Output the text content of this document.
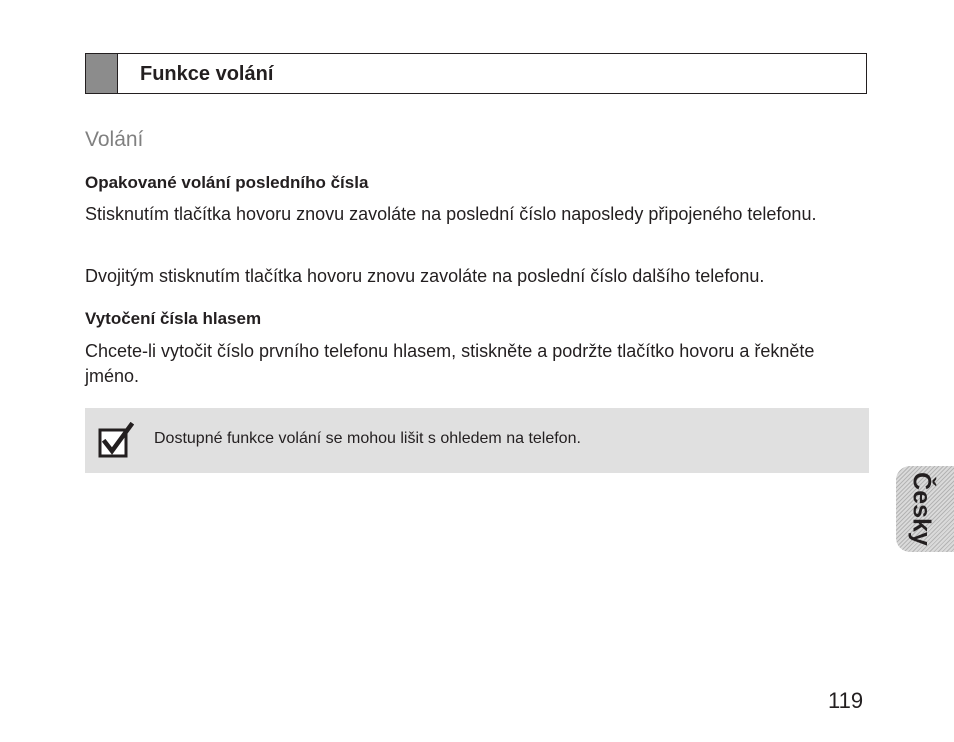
Funkce volání
Volání
Opakované volání posledního čísla
Stisknutím tlačítka hovoru znovu zavoláte na poslední číslo naposledy připojeného telefonu.
Dvojitým stisknutím tlačítka hovoru znovu zavoláte na poslední číslo dalšího telefonu.
Vytočení čísla hlasem
Chcete-li vytočit číslo prvního telefonu hlasem, stiskněte a podržte tlačítko hovoru a řekněte jméno.
Dostupné funkce volání se mohou lišit s ohledem na telefon.
Česky
119
